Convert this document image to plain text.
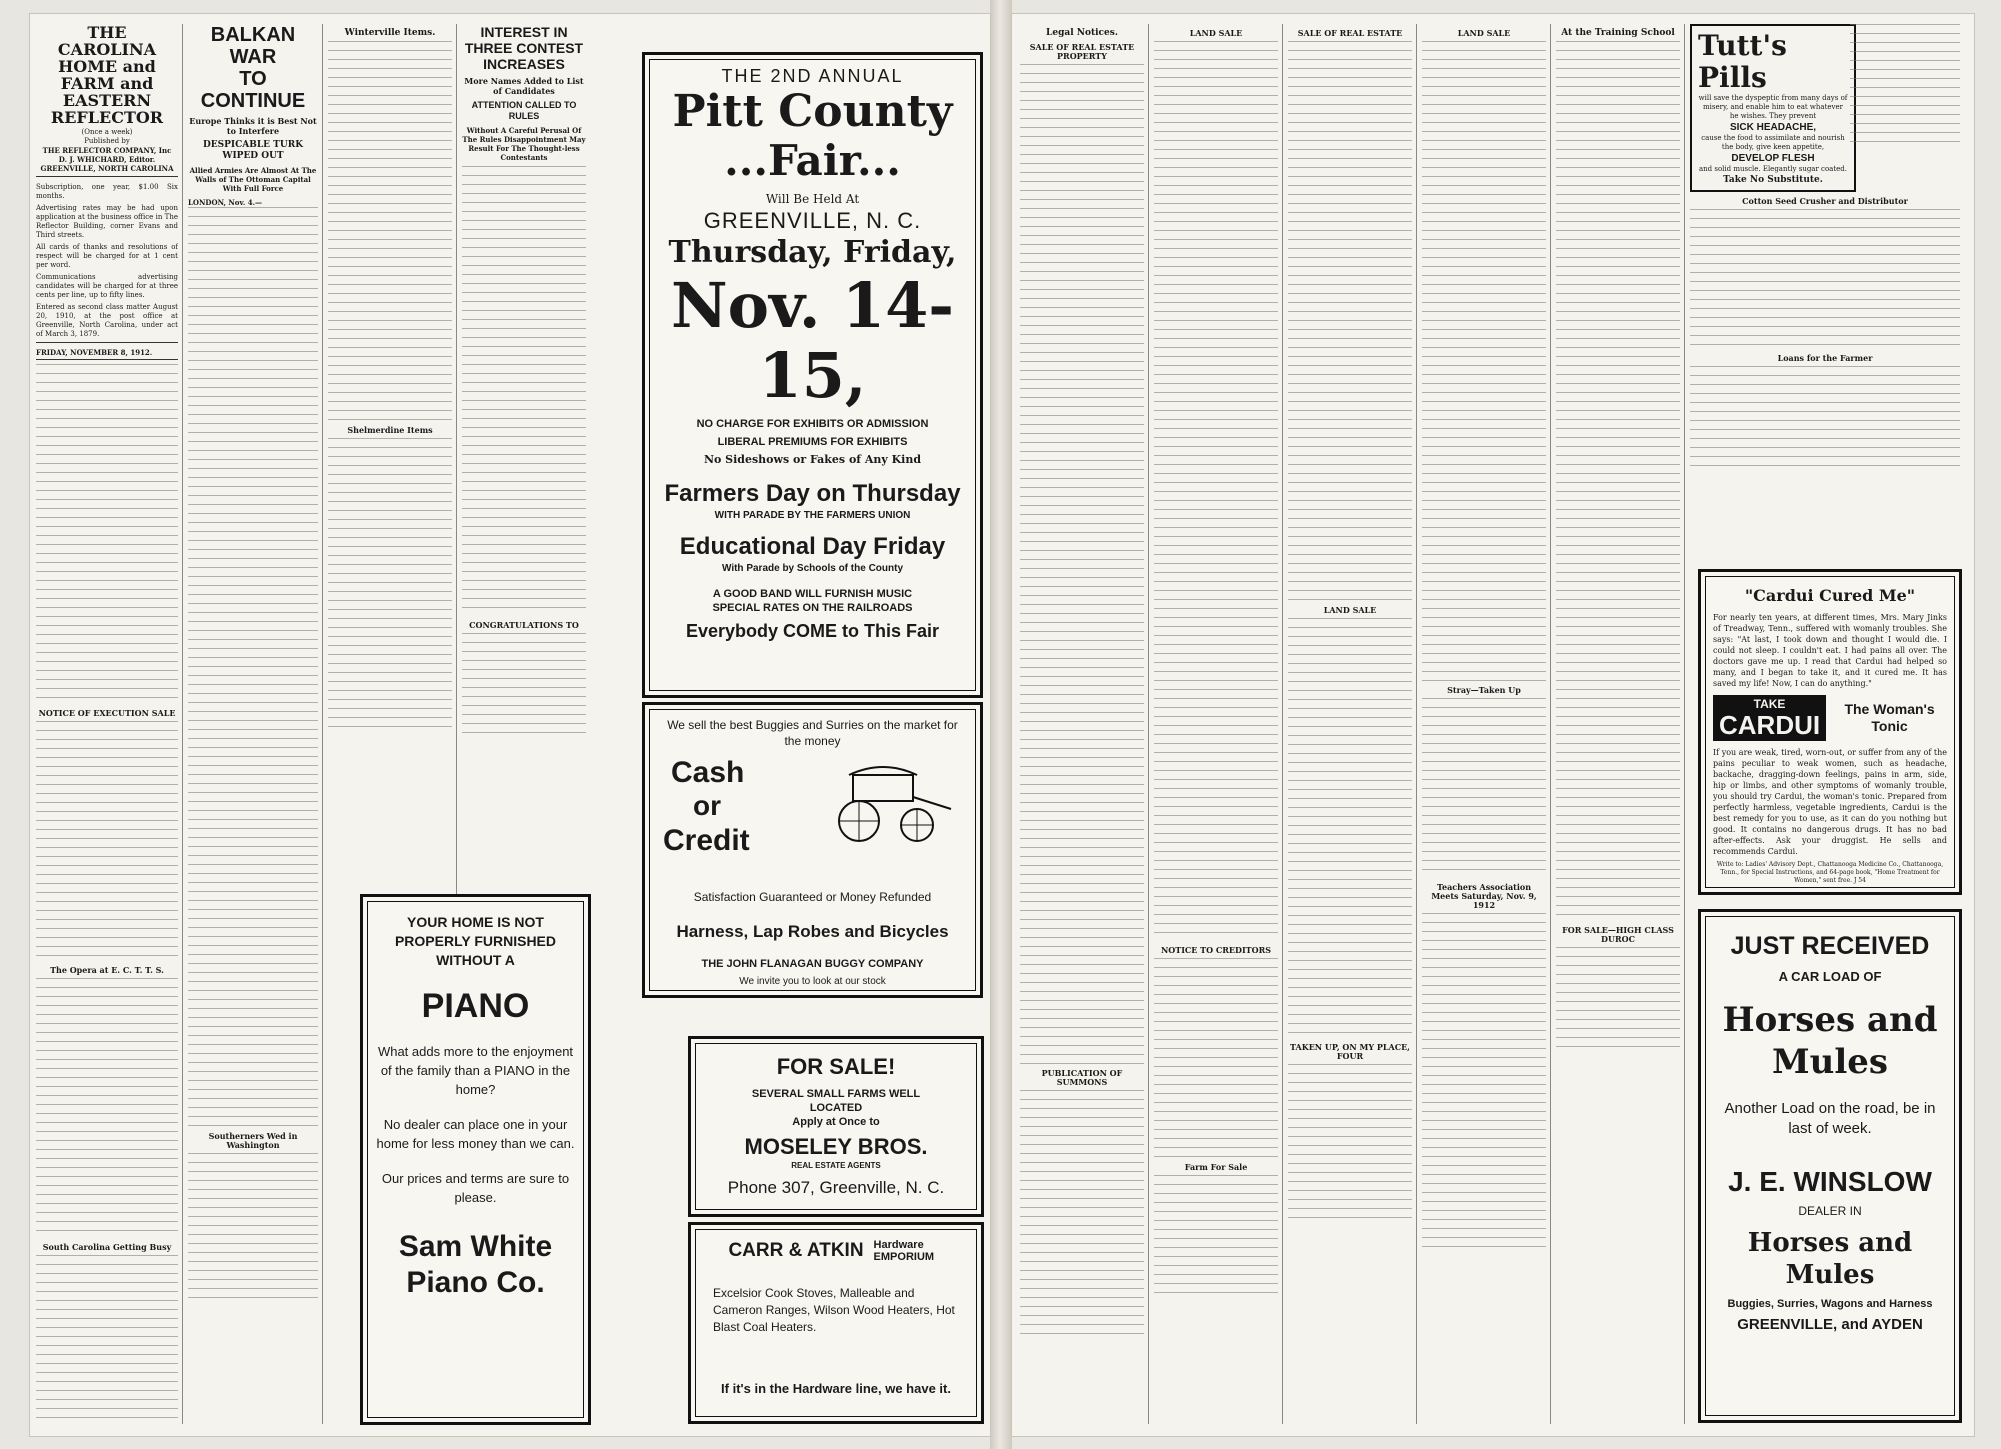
THE CAROLINA HOME and FARM and EASTERN REFLECTOR
(Once a week)
Published by
THE REFLECTOR COMPANY, Inc
D. J. WHICHARD, Editor.
GREENVILLE, NORTH CAROLINA
Subscription, one year, $1.00 Six months.
Advertising rates may be had upon application at the business office in The Reflector Building, corner Evans and Third streets.
All cards of thanks and resolutions of respect will be charged for at 1 cent per word.
Communications advertising candidates will be charged for at three cents per line, up to fifty lines.
Entered as second class matter August 20, 1910, at the post office at Greenville, North Carolina, under act of March 3, 1879.
FRIDAY, NOVEMBER 8, 1912.
NOTICE OF EXECUTION SALE
The Opera at E. C. T. T. S.
South Carolina Getting Busy
BALKAN WAR
TO CONTINUE
Europe Thinks it is Best Not to Interfere
DESPICABLE TURK WIPED OUT
Allied Armies Are Almost At The Walls of The Ottoman Capital With Full Force
LONDON, Nov. 4.—
Southerners Wed in Washington
Winterville Items.
Shelmerdine Items
INTEREST IN THREE CONTEST INCREASES
More Names Added to List of Candidates
ATTENTION CALLED TO RULES
Without A Careful Perusal Of The Rules Disappointment May Result For The Thought-less Contestants
CONGRATULATIONS TO
YOUR HOME IS NOT PROPERLY FURNISHED WITHOUT A
PIANO
What adds more to the enjoyment of the family than a PIANO in the home?
No dealer can place one in your home for less money than we can.
Our prices and terms are sure to please.
Sam White
Piano Co.
THE 2ND ANNUAL
Pitt County
...Fair...
Will Be Held At
GREENVILLE, N. C.
Thursday, Friday,
Nov. 14-15,
NO CHARGE FOR EXHIBITS OR ADMISSION
LIBERAL PREMIUMS FOR EXHIBITS
No Sideshows or Fakes of Any Kind
Farmers Day on Thursday
WITH PARADE BY THE FARMERS UNION
Educational Day Friday
With Parade by Schools of the County
A GOOD BAND WILL FURNISH MUSIC
SPECIAL RATES ON THE RAILROADS
Everybody COME to This Fair
We sell the best Buggies and Surries on the market for the money
Cash
or
Credit
Satisfaction Guaranteed or Money Refunded
Harness, Lap Robes and Bicycles
THE JOHN FLANAGAN BUGGY COMPANY
We invite you to look at our stock
FOR SALE!
SEVERAL SMALL FARMS WELL LOCATED
Apply at Once to
MOSELEY BROS.
REAL ESTATE AGENTS
Phone 307, Greenville, N. C.
CARR & ATKIN Hardware EMPORIUM
Excelsior Cook Stoves, Malleable and Cameron Ranges, Wilson Wood Heaters, Hot Blast Coal Heaters.
If it's in the Hardware line, we have it.
Legal Notices.
SALE OF REAL ESTATE PROPERTY
PUBLICATION OF SUMMONS
LAND SALE
NOTICE TO CREDITORS
Farm For Sale
SALE OF REAL ESTATE
LAND SALE
TAKEN UP, ON MY PLACE, FOUR
LAND SALE
Stray—Taken Up
Teachers Association Meets Saturday, Nov. 9, 1912
At the Training School
FOR SALE—HIGH CLASS DUROC
Tutt's Pills
will save the dyspeptic from many days of misery, and enable him to eat whatever he wishes. They prevent
SICK HEADACHE,
cause the food to assimilate and nourish the body, give keen appetite,
DEVELOP FLESH
and solid muscle. Elegantly sugar coated.
Take No Substitute.
Cotton Seed Crusher and Distributor
Loans for the Farmer
"Cardui Cured Me"
For nearly ten years, at different times, Mrs. Mary Jinks of Treadway, Tenn., suffered with womanly troubles. She says: "At last, I took down and thought I would die. I could not sleep. I couldn't eat. I had pains all over. The doctors gave me up. I read that Cardui had helped so many, and I began to take it, and it cured me. It has saved my life! Now, I can do anything."
TAKE
CARDUI
The Woman's Tonic
If you are weak, tired, worn-out, or suffer from any of the pains peculiar to weak women, such as headache, backache, dragging-down feelings, pains in arm, side, hip or limbs, and other symptoms of womanly trouble, you should try Cardui, the woman's tonic. Prepared from perfectly harmless, vegetable ingredients, Cardui is the best remedy for you to use, as it can do you nothing but good. It contains no dangerous drugs. It has no bad after-effects. Ask your druggist. He sells and recommends Cardui.
Write to: Ladies' Advisory Dept., Chattanooga Medicine Co., Chattanooga, Tenn., for Special Instructions, and 64-page book, "Home Treatment for Women," sent free. J 54
JUST RECEIVED
A CAR LOAD OF
Horses and
Mules
Another Load on the road, be in last of week.
J. E. WINSLOW
DEALER IN
Horses and Mules
Buggies, Surries, Wagons and Harness
GREENVILLE, and AYDEN
